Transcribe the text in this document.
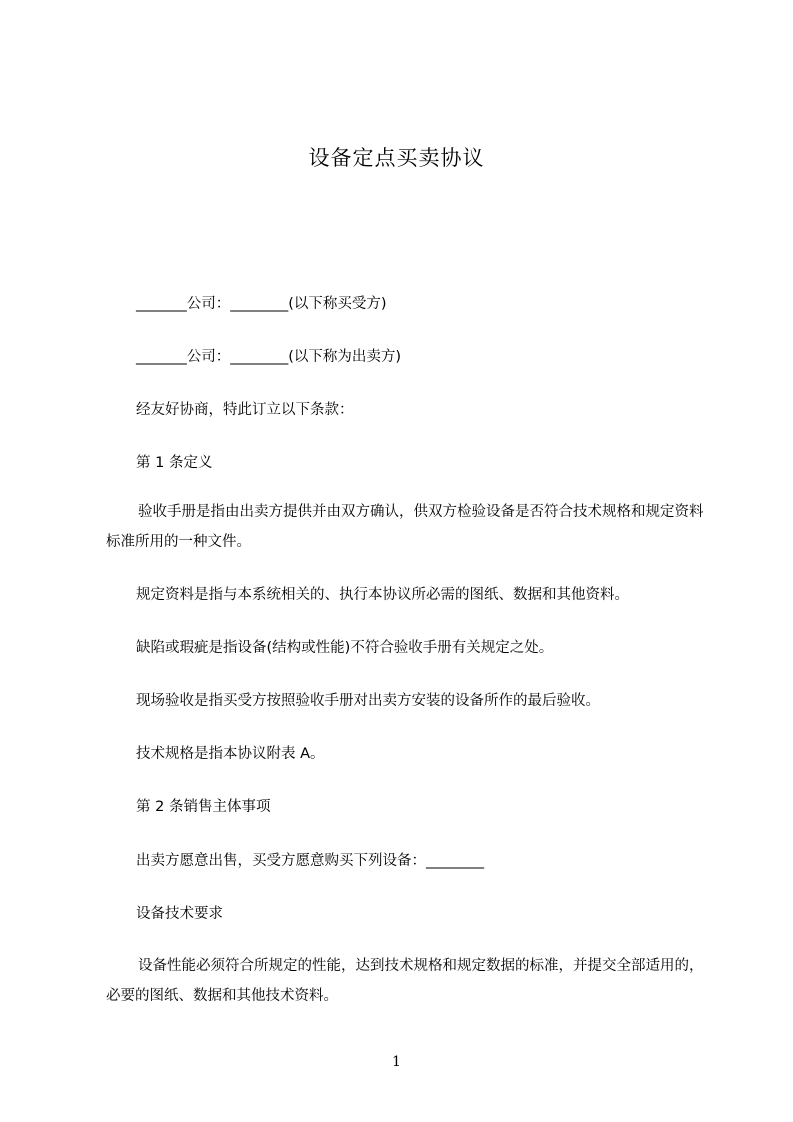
设备定点买卖协议
_______公司：________(以下称买受方)
_______公司：________(以下称为出卖方)
经友好协商，特此订立以下条款：
第 1 条定义
验收手册是指由出卖方提供并由双方确认，供双方检验设备是否符合技术规格和规定资料标准所用的一种文件。
规定资料是指与本系统相关的、执行本协议所必需的图纸、数据和其他资料。
缺陷或瑕疵是指设备(结构或性能)不符合验收手册有关规定之处。
现场验收是指买受方按照验收手册对出卖方安装的设备所作的最后验收。
技术规格是指本协议附表 A。
第 2 条销售主体事项
出卖方愿意出售，买受方愿意购买下列设备：________
设备技术要求
设备性能必须符合所规定的性能，达到技术规格和规定数据的标准，并提交全部适用的，必要的图纸、数据和其他技术资料。
1
